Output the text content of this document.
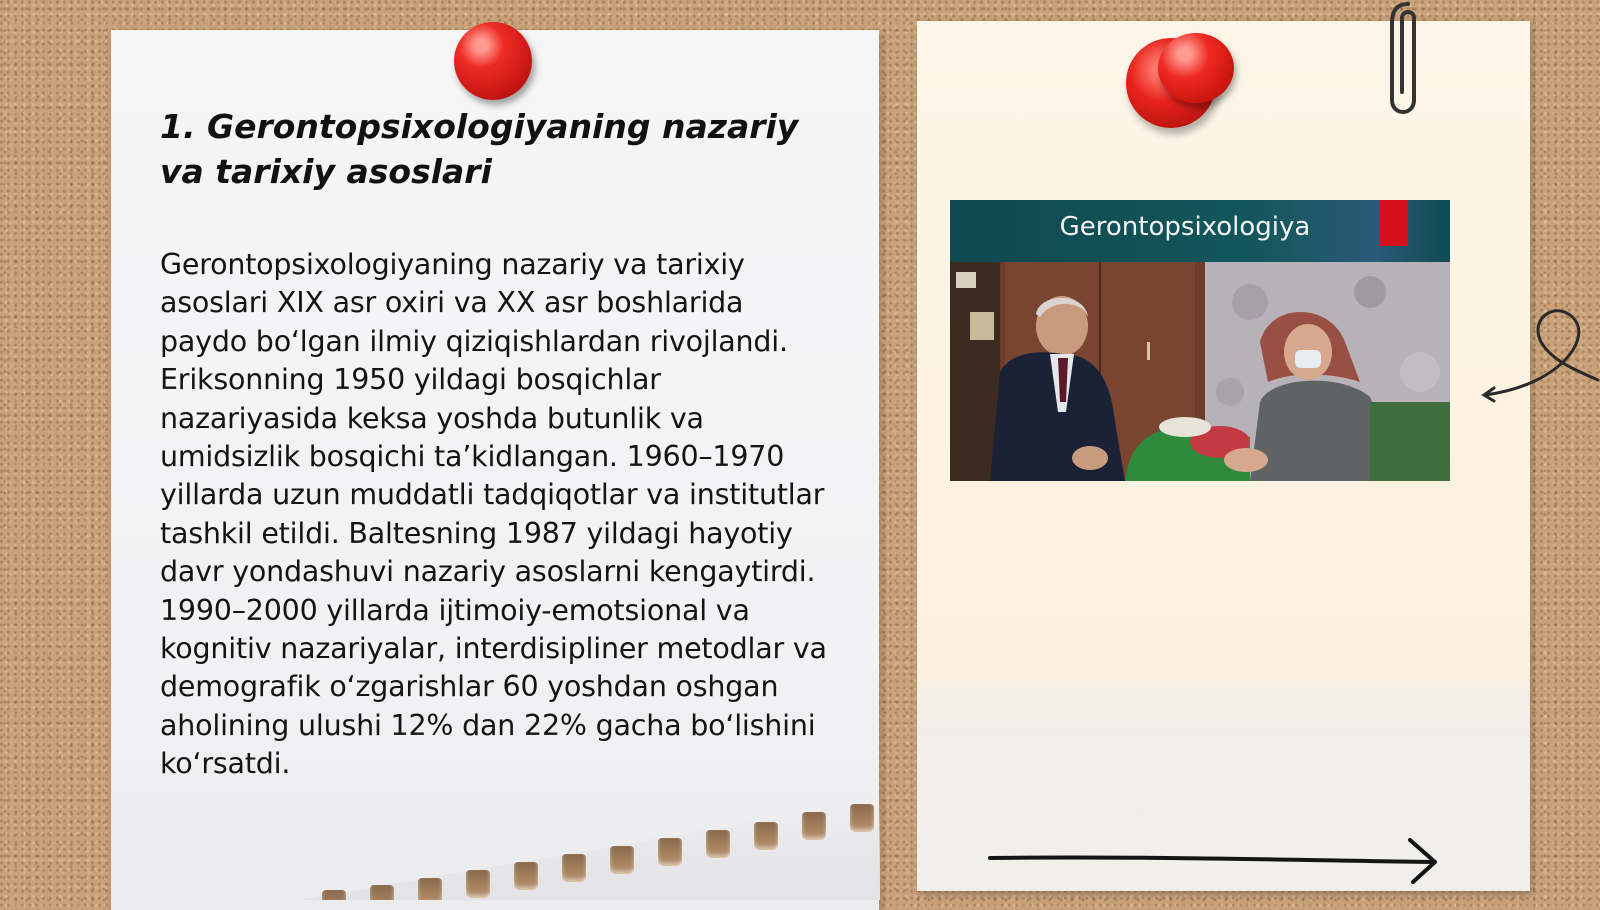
1. Gerontopsixologiyaning nazariy va tarixiy asoslari

Gerontopsixologiyaning nazariy va tarixiy asoslari XIX asr oxiri va XX asr boshlarida paydo boʻlgan ilmiy qiziqishlardan rivojlandi. Eriksonning 1950 yildagi bosqichlar nazariyasida keksa yoshda butunlik va umidsizlik bosqichi taʼkidlangan. 1960–1970 yillarda uzun muddatli tadqiqotlar va institutlar tashkil etildi. Baltesning 1987 yildagi hayotiy davr yondashuvi nazariy asoslarni kengaytirdi. 1990–2000 yillarda ijtimoiy-emotsional va kognitiv nazariyalar, interdisipliner metodlar va demografik oʻzgarishlar 60 yoshdan oshgan aholining ulushi 12% dan 22% gacha boʻlishini koʻrsatdi.

Gerontopsixologiya
